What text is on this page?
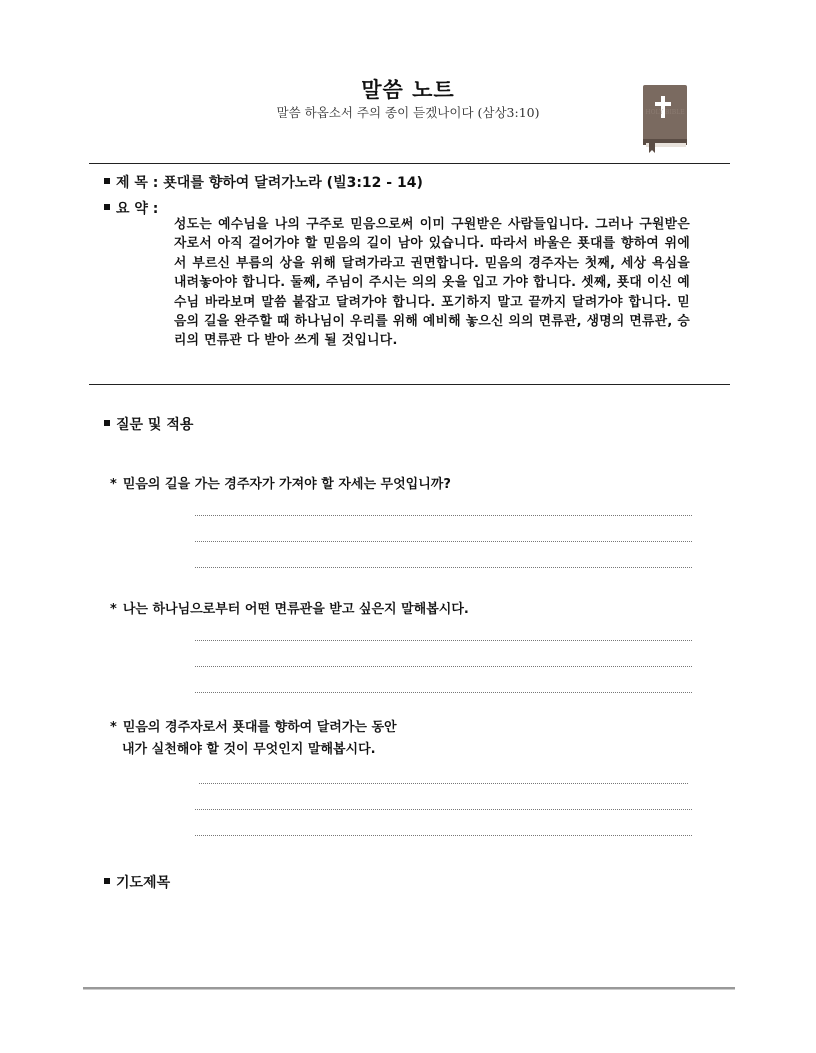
말씀 노트
말씀 하옵소서 주의 종이 듣겠나이다 (삼상3:10)	HOLY BIBLE
제 목 : 푯대를 향하여 달려가노라 (빌3:12 - 14)
요 약 :

성도는 예수님을 나의 구주로 믿음으로써 이미 구원받은 사람들입니다. 그러나 구원받은 자로서 아직 걸어가야 할 믿음의 길이 남아 있습니다. 따라서 바울은 푯대를 향하여 위에서 부르신 부름의 상을 위해 달려가라고 권면합니다. 믿음의 경주자는 첫째, 세상 욕심을 내려놓아야 합니다. 둘째, 주님이 주시는 의의 옷을 입고 가야 합니다. 셋째, 푯대 이신 예수님 바라보며 말씀 붙잡고 달려가야 합니다. 포기하지 말고 끝까지 달려가야 합니다. 믿음의 길을 완주할 때 하나님이 우리를 위해 예비해 놓으신 의의 면류관, 생명의 면류관, 승리의 면류관 다 받아 쓰게 될 것입니다.

질문 및 적용
* 믿음의 길을 가는 경주자가 가져야 할 자세는 무엇입니까?
* 나는 하나님으로부터 어떤 면류관을 받고 싶은지 말해봅시다.
* 믿음의 경주자로서 푯대를 향하여 달려가는 동안
내가 실천해야 할 것이 무엇인지 말해봅시다.
기도제목
